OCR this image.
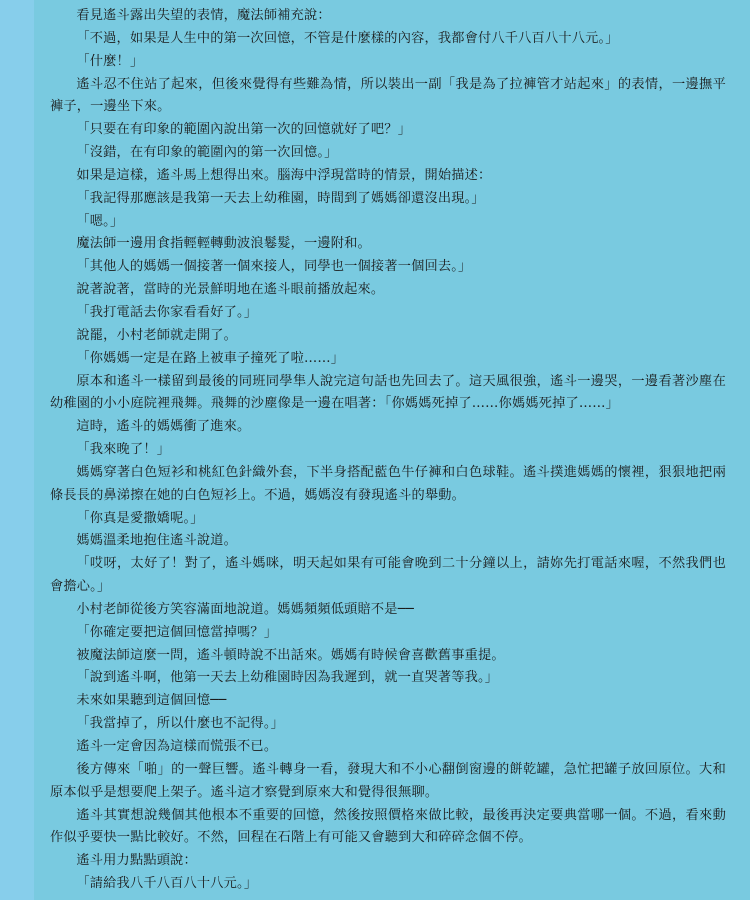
看見遙斗露出失望的表情，魔法師補充說：

「不過，如果是人生中的第一次回憶，不管是什麼樣的內容，我都會付八千八百八十八元。」

「什麼！」

遙斗忍不住站了起來，但後來覺得有些難為情，所以裝出一副「我是為了拉褲管才站起來」的表情，一邊撫平褲子，一邊坐下來。

「只要在有印象的範圍內說出第一次的回憶就好了吧？」

「沒錯，在有印象的範圍內的第一次回憶。」

如果是這樣，遙斗馬上想得出來。腦海中浮現當時的情景，開始描述：

「我記得那應該是我第一天去上幼稚園，時間到了媽媽卻還沒出現。」

「嗯。」

魔法師一邊用食指輕輕轉動波浪鬈髮，一邊附和。

「其他人的媽媽一個接著一個來接人，同學也一個接著一個回去。」

說著說著，當時的光景鮮明地在遙斗眼前播放起來。

「我打電話去你家看看好了。」

說罷，小村老師就走開了。

「你媽媽一定是在路上被車子撞死了啦……」

原本和遙斗一樣留到最後的同班同學隼人說完這句話也先回去了。這天風很強，遙斗一邊哭，一邊看著沙塵在幼稚園的小小庭院裡飛舞。飛舞的沙塵像是一邊在唱著：「你媽媽死掉了……你媽媽死掉了……」

這時，遙斗的媽媽衝了進來。

「我來晚了！」

媽媽穿著白色短衫和桃紅色針織外套，下半身搭配藍色牛仔褲和白色球鞋。遙斗撲進媽媽的懷裡，狠狠地把兩條長長的鼻涕擦在她的白色短衫上。不過，媽媽沒有發現遙斗的舉動。

「你真是愛撒嬌呢。」

媽媽溫柔地抱住遙斗說道。

「哎呀，太好了！對了，遙斗媽咪，明天起如果有可能會晚到二十分鐘以上，請妳先打電話來喔，不然我們也會擔心。」

小村老師從後方笑容滿面地說道。媽媽頻頻低頭賠不是──

「你確定要把這個回憶當掉嗎？」

被魔法師這麼一問，遙斗頓時說不出話來。媽媽有時候會喜歡舊事重提。

「說到遙斗啊，他第一天去上幼稚園時因為我遲到，就一直哭著等我。」

未來如果聽到這個回憶──

「我當掉了，所以什麼也不記得。」

遙斗一定會因為這樣而慌張不已。

後方傳來「啪」的一聲巨響。遙斗轉身一看，發現大和不小心翻倒窗邊的餅乾罐，急忙把罐子放回原位。大和原本似乎是想要爬上架子。遙斗這才察覺到原來大和覺得很無聊。

遙斗其實想說幾個其他根本不重要的回憶，然後按照價格來做比較，最後再決定要典當哪一個。不過，看來動作似乎要快一點比較好。不然，回程在石階上有可能又會聽到大和碎碎念個不停。

遙斗用力點點頭說：

「請給我八千八百八十八元。」
